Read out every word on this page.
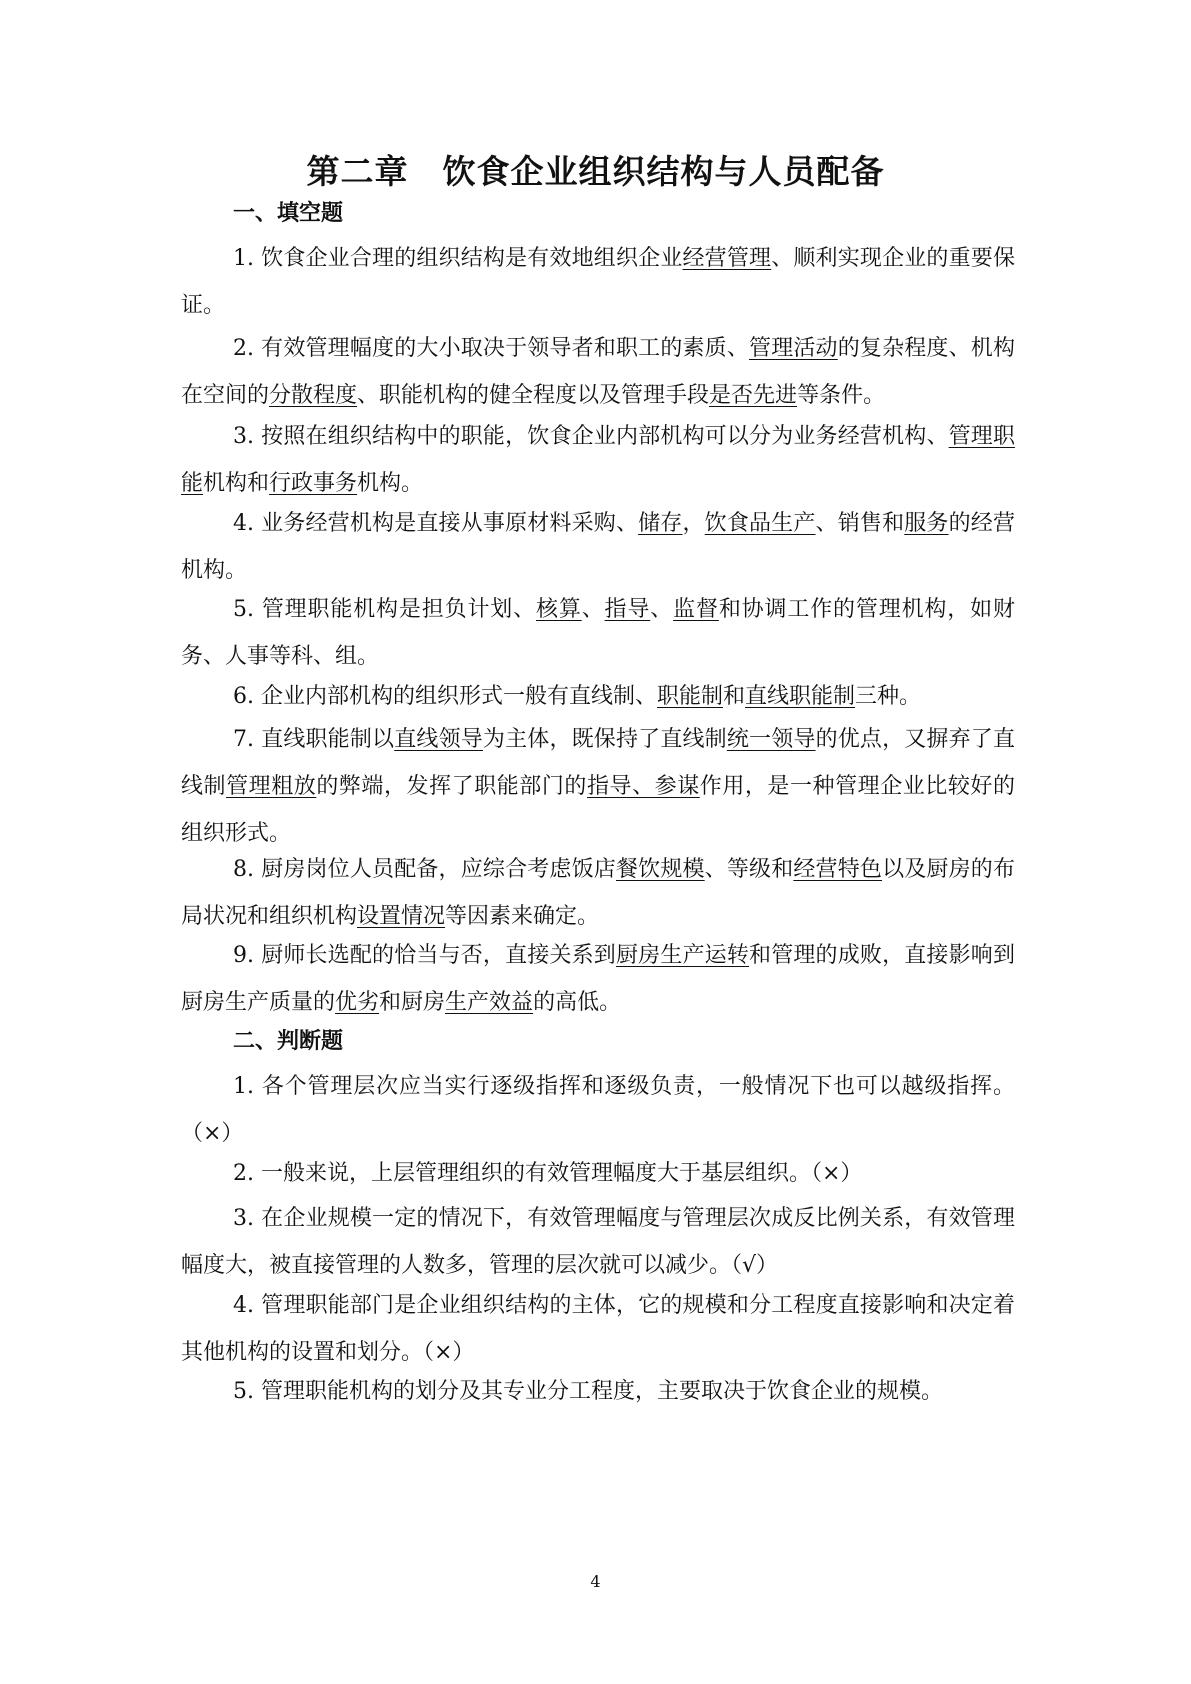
第二章　饮食企业组织结构与人员配备
一、填空题
1. 饮食企业合理的组织结构是有效地组织企业经营管理、顺利实现企业的重要保证。
2. 有效管理幅度的大小取决于领导者和职工的素质、管理活动的复杂程度、机构在空间的分散程度、职能机构的健全程度以及管理手段是否先进等条件。
3. 按照在组织结构中的职能，饮食企业内部机构可以分为业务经营机构、管理职能机构和行政事务机构。
4. 业务经营机构是直接从事原材料采购、储存，饮食品生产、销售和服务的经营机构。
5. 管理职能机构是担负计划、核算、指导、监督和协调工作的管理机构，如财务、人事等科、组。
6. 企业内部机构的组织形式一般有直线制、职能制和直线职能制三种。
7. 直线职能制以直线领导为主体，既保持了直线制统一领导的优点，又摒弃了直线制管理粗放的弊端，发挥了职能部门的指导、参谋作用，是一种管理企业比较好的组织形式。
8. 厨房岗位人员配备，应综合考虑饭店餐饮规模、等级和经营特色以及厨房的布局状况和组织机构设置情况等因素来确定。
9. 厨师长选配的恰当与否，直接关系到厨房生产运转和管理的成败，直接影响到厨房生产质量的优劣和厨房生产效益的高低。
二、判断题
1. 各个管理层次应当实行逐级指挥和逐级负责，一般情况下也可以越级指挥。（×）
2. 一般来说，上层管理组织的有效管理幅度大于基层组织。（×）
3. 在企业规模一定的情况下，有效管理幅度与管理层次成反比例关系，有效管理幅度大，被直接管理的人数多，管理的层次就可以减少。（√）
4. 管理职能部门是企业组织结构的主体，它的规模和分工程度直接影响和决定着其他机构的设置和划分。（×）
5. 管理职能机构的划分及其专业分工程度，主要取决于饮食企业的规模。
4
